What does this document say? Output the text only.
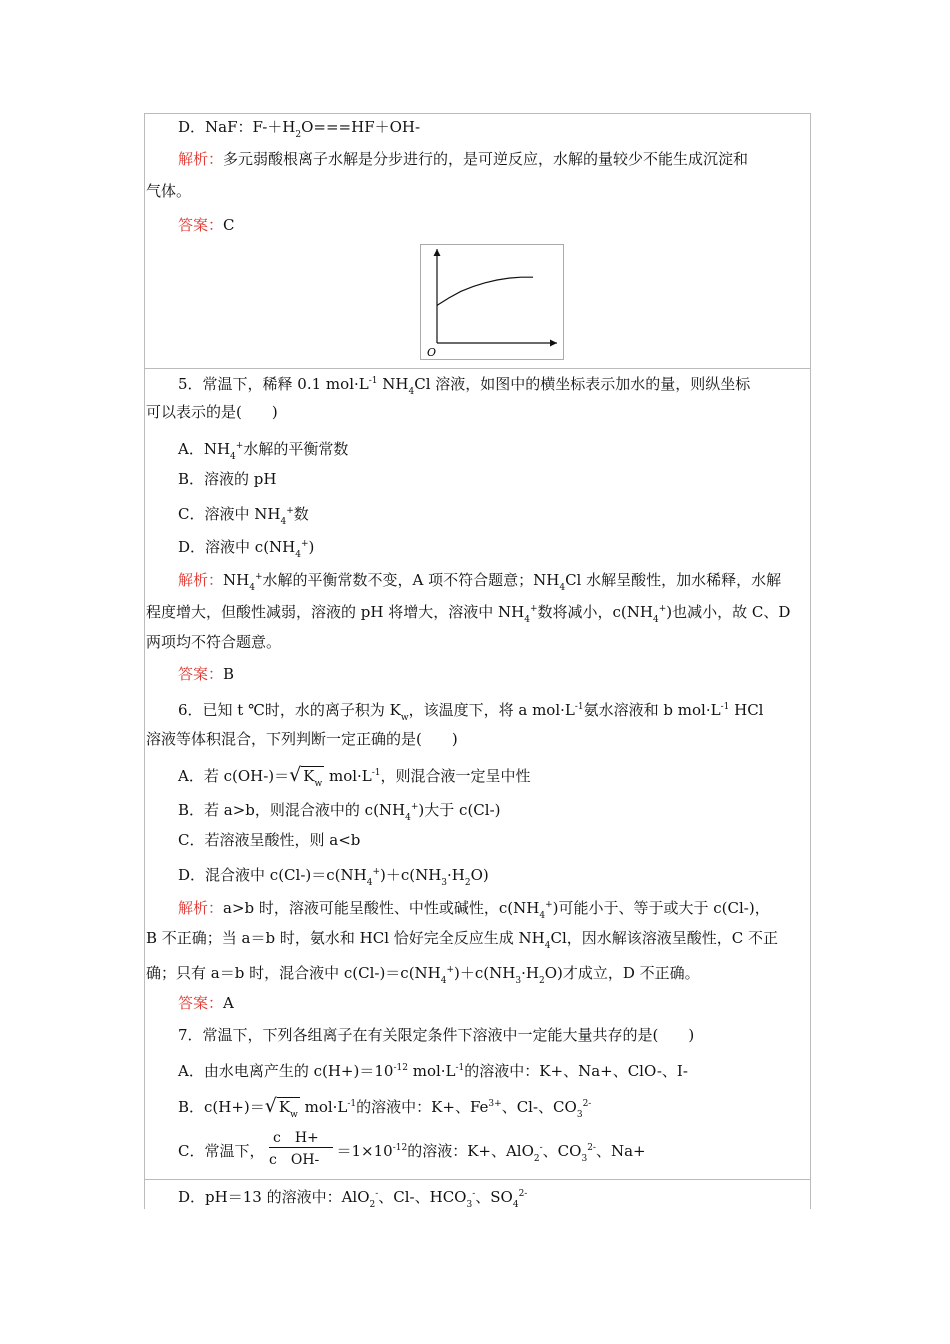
D．NaF：$F-+H_2O===HF+OH-$
解析：多元弱酸根离子水解是分步进行的，是可逆反应，水解的量较少不能生成沉淀和
气体。
答案：C
O
5．常温下，稀释 0.1 $mol\cdot L^{-1}$ $NH_4Cl$ 溶液，如图中的横坐标表示加水的量，则纵坐标
可以表示的是(　　)
A．$NH_4^+$水解的平衡常数
B．溶液的 pH
C．溶液中 $NH_4^+$数
D．溶液中 $c(NH_4^+)$
解析：$NH_4^+$水解的平衡常数不变，A 项不符合题意；$NH_4Cl$ 水解呈酸性，加水稀释，水解
程度增大，但酸性减弱，溶液的 pH 将增大，溶液中 $NH_4^+$数将减小，$c(NH_4^+)$也减小，故 C、D
两项均不符合题意。
答案：B
6．已知 t ℃时，水的离子积为 $K_w$，该温度下，将 a $mol\cdot L^{-1}$氨水溶液和 b $mol\cdot L^{-1}$ HCl
溶液等体积混合，下列判断一定正确的是(　　)
A．若 c(OH-)＝√ $K_w$ $mol\cdot L^{-1}$，则混合液一定呈中性
B．若 a>b，则混合液中的 $c(NH_4^+)$大于 c(Cl-)
C．若溶液呈酸性，则 a<b
D．混合液中 $c(Cl-)=c(NH_4^+)+c(NH_3\cdot H_2O)$
解析：a>b 时，溶液可能呈酸性、中性或碱性，$c(NH_4^+)$可能小于、等于或大于 c(Cl-)，
B 不正确；当 a＝b 时，氨水和 HCl 恰好完全反应生成 $NH_4Cl$，因水解该溶液呈酸性，C 不正
确；只有 a＝b 时，混合液中 $c(Cl-)=c(NH_4^+)+c(NH_3\cdot H_2O)$才成立，D 不正确。
答案：A
7．常温下，下列各组离子在有关限定条件下溶液中一定能大量共存的是(　　)
A．由水电离产生的 $c(H+)=10^{-12}$ $mol\cdot L^{-1}$的溶液中：K+、Na+、ClO-、I-
B．c(H+)＝√ $K_w$ $mol\cdot L^{-1}$的溶液中：K+、$Fe^{3+}$、Cl-、$CO_3^{2-}$
C．常温下，	$=1\times 10^{-12}$的溶液：K+、AlO$_2$-、$CO_3^{2-}$、Na+
c　H+
c　OH-
D．pH＝13 的溶液中：AlO$_2$-、Cl-、$HCO_3^-$、$SO_4^{2-}$
